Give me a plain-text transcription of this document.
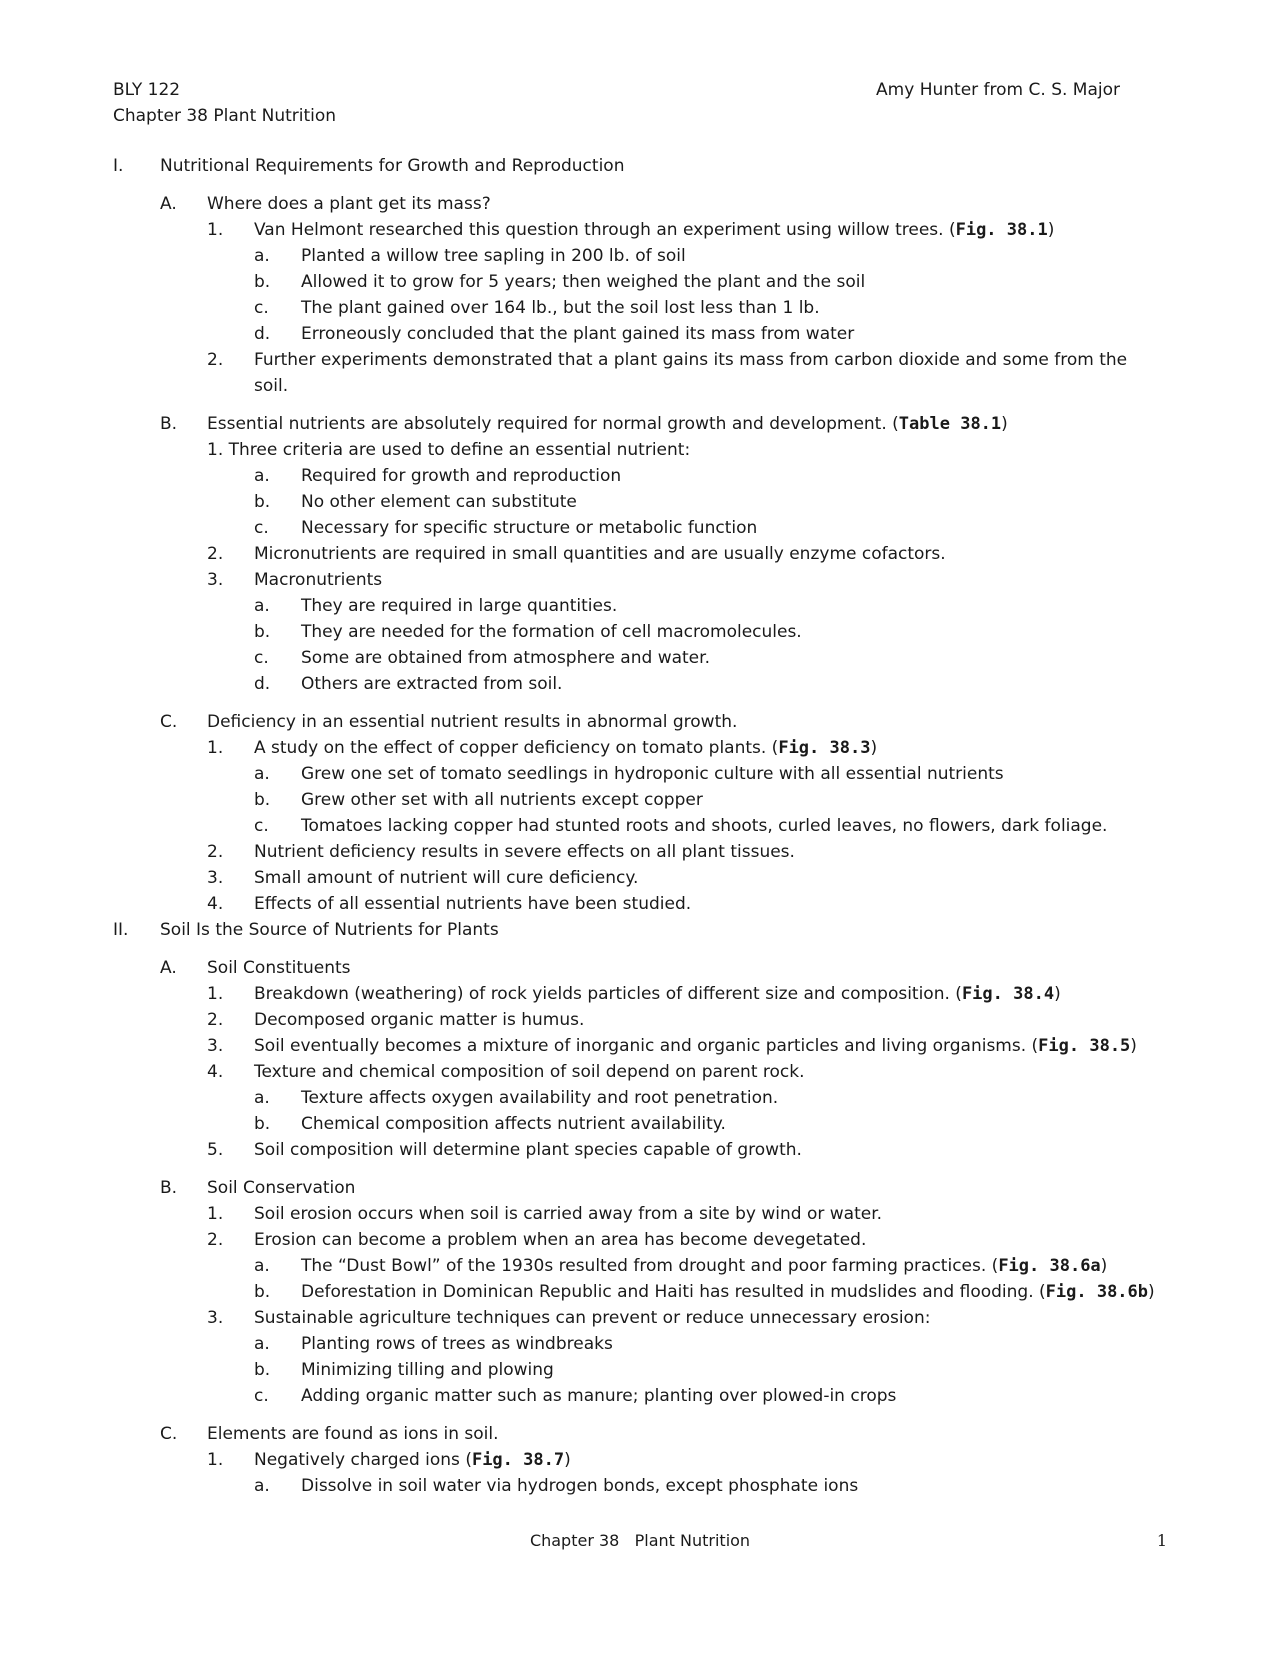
BLY 122
Chapter 38 Plant Nutrition
Amy Hunter from C. S. Major
I. Nutritional Requirements for Growth and Reproduction
A. Where does a plant get its mass?
1. Van Helmont researched this question through an experiment using willow trees. (Fig. 38.1)
a. Planted a willow tree sapling in 200 lb. of soil
b. Allowed it to grow for 5 years; then weighed the plant and the soil
c. The plant gained over 164 lb., but the soil lost less than 1 lb.
d. Erroneously concluded that the plant gained its mass from water
2. Further experiments demonstrated that a plant gains its mass from carbon dioxide and some from the
soil.
B. Essential nutrients are absolutely required for normal growth and development. (Table 38.1)
1. Three criteria are used to define an essential nutrient:
a. Required for growth and reproduction
b. No other element can substitute
c. Necessary for specific structure or metabolic function
2. Micronutrients are required in small quantities and are usually enzyme cofactors.
3. Macronutrients
a. They are required in large quantities.
b. They are needed for the formation of cell macromolecules.
c. Some are obtained from atmosphere and water.
d. Others are extracted from soil.
C. Deficiency in an essential nutrient results in abnormal growth.
1. A study on the effect of copper deficiency on tomato plants. (Fig. 38.3)
a. Grew one set of tomato seedlings in hydroponic culture with all essential nutrients
b. Grew other set with all nutrients except copper
c. Tomatoes lacking copper had stunted roots and shoots, curled leaves, no flowers, dark foliage.
2. Nutrient deficiency results in severe effects on all plant tissues.
3. Small amount of nutrient will cure deficiency.
4. Effects of all essential nutrients have been studied.
II. Soil Is the Source of Nutrients for Plants
A. Soil Constituents
1. Breakdown (weathering) of rock yields particles of different size and composition. (Fig. 38.4)
2. Decomposed organic matter is humus.
3. Soil eventually becomes a mixture of inorganic and organic particles and living organisms. (Fig. 38.5)
4. Texture and chemical composition of soil depend on parent rock.
a. Texture affects oxygen availability and root penetration.
b. Chemical composition affects nutrient availability.
5. Soil composition will determine plant species capable of growth.
B. Soil Conservation
1. Soil erosion occurs when soil is carried away from a site by wind or water.
2. Erosion can become a problem when an area has become devegetated.
a. The “Dust Bowl” of the 1930s resulted from drought and poor farming practices. (Fig. 38.6a)
b. Deforestation in Dominican Republic and Haiti has resulted in mudslides and flooding. (Fig. 38.6b)
3. Sustainable agriculture techniques can prevent or reduce unnecessary erosion:
a. Planting rows of trees as windbreaks
b. Minimizing tilling and plowing
c. Adding organic matter such as manure; planting over plowed-in crops
C. Elements are found as ions in soil.
1. Negatively charged ions (Fig. 38.7)
a. Dissolve in soil water via hydrogen bonds, except phosphate ions
Chapter 38   Plant Nutrition	1
